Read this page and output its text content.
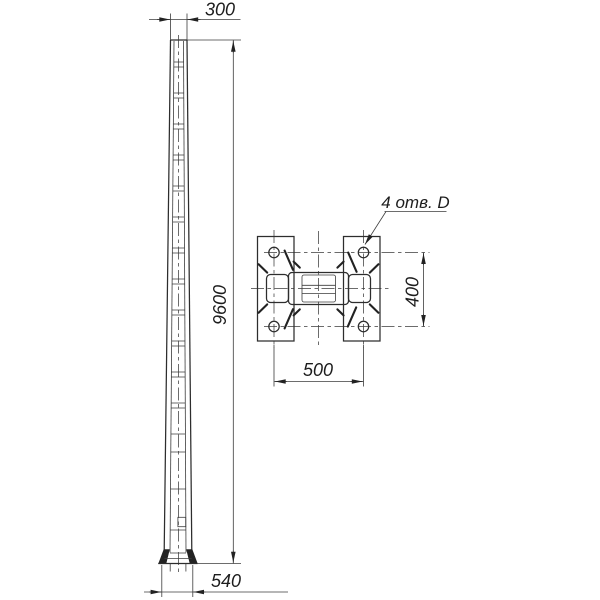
300
9600
540
4 отв. D
400
500
